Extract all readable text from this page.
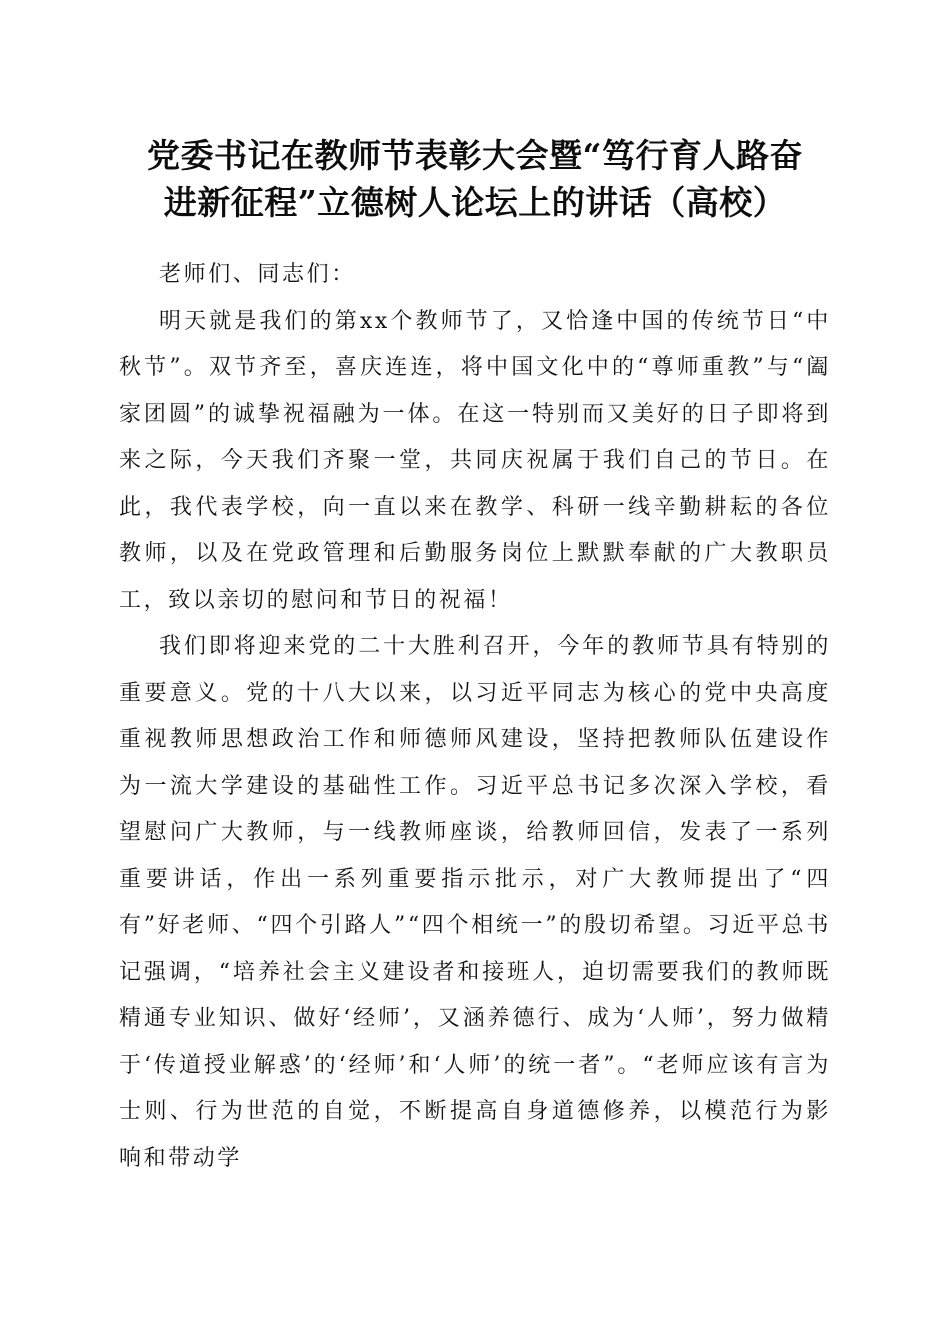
党委书记在教师节表彰大会暨“笃行育人路奋
进新征程”立德树人论坛上的讲话（高校）

老师们、同志们：

明天就是我们的第xx个教师节了，又恰逢中国的传统节日“中秋节”。双节齐至，喜庆连连，将中国文化中的“尊师重教”与“阖家团圆”的诚挚祝福融为一体。在这一特别而又美好的日子即将到来之际，今天我们齐聚一堂，共同庆祝属于我们自己的节日。在此，我代表学校，向一直以来在教学、科研一线辛勤耕耘的各位教师，以及在党政管理和后勤服务岗位上默默奉献的广大教职员工，致以亲切的慰问和节日的祝福！

我们即将迎来党的二十大胜利召开，今年的教师节具有特别的重要意义。党的十八大以来，以习近平同志为核心的党中央高度重视教师思想政治工作和师德师风建设，坚持把教师队伍建设作为一流大学建设的基础性工作。习近平总书记多次深入学校，看望慰问广大教师，与一线教师座谈，给教师回信，发表了一系列重要讲话，作出一系列重要指示批示，对广大教师提出了“四有”好老师、“四个引路人”“四个相统一”的殷切希望。习近平总书记强调，“培养社会主义建设者和接班人，迫切需要我们的教师既精通专业知识、做好‘经师’，又涵养德行、成为‘人师’，努力做精于‘传道授业解惑’的‘经师’和‘人师’的统一者”。“老师应该有言为士则、行为世范的自觉，不断提高自身道德修养，以模范行为影响和带动学
